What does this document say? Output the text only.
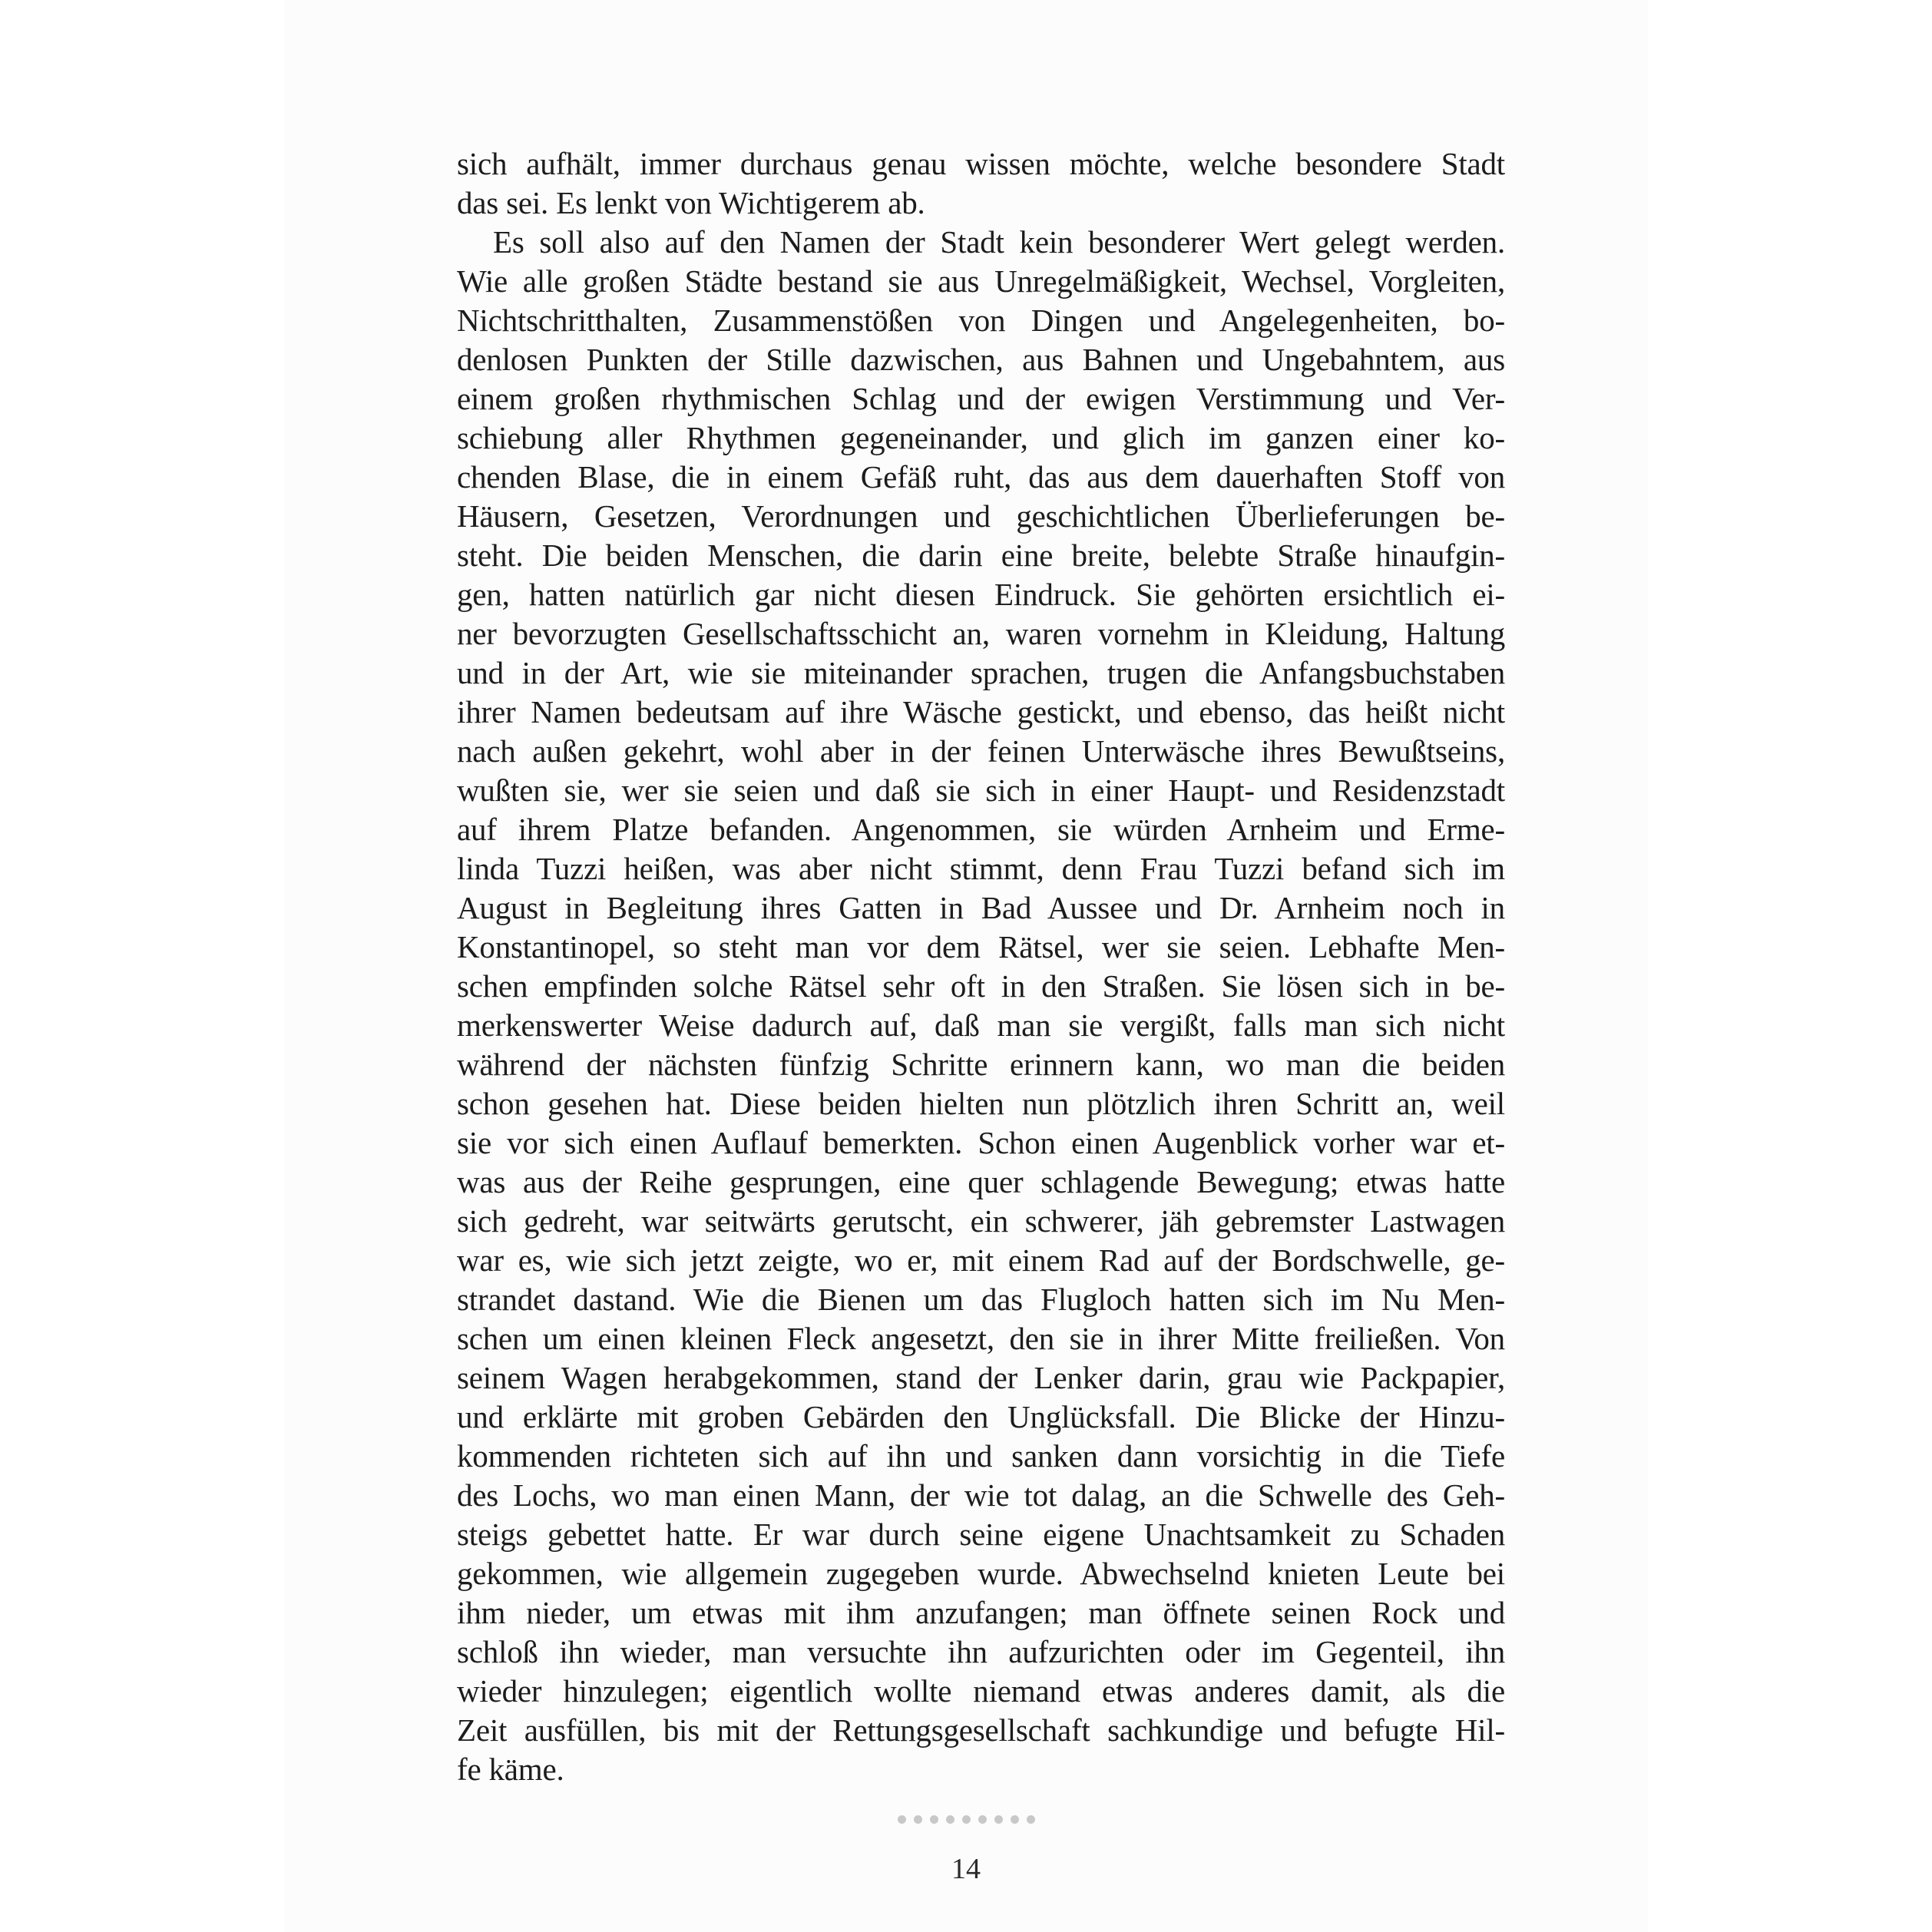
sich aufhält, immer durchaus genau wissen möchte, welche besondere Stadt
das sei. Es lenkt von Wichtigerem ab.
Es soll also auf den Namen der Stadt kein besonderer Wert gelegt werden.
Wie alle großen Städte bestand sie aus Unregelmäßigkeit, Wechsel, Vorgleiten,
Nichtschritthalten, Zusammenstößen von Dingen und Angelegenheiten, bo-
denlosen Punkten der Stille dazwischen, aus Bahnen und Ungebahntem, aus
einem großen rhythmischen Schlag und der ewigen Verstimmung und Ver-
schiebung aller Rhythmen gegeneinander, und glich im ganzen einer ko-
chenden Blase, die in einem Gefäß ruht, das aus dem dauerhaften Stoff von
Häusern, Gesetzen, Verordnungen und geschichtlichen Überlieferungen be-
steht. Die beiden Menschen, die darin eine breite, belebte Straße hinaufgin-
gen, hatten natürlich gar nicht diesen Eindruck. Sie gehörten ersichtlich ei-
ner bevorzugten Gesellschaftsschicht an, waren vornehm in Kleidung, Haltung
und in der Art, wie sie miteinander sprachen, trugen die Anfangsbuchstaben
ihrer Namen bedeutsam auf ihre Wäsche gestickt, und ebenso, das heißt nicht
nach außen gekehrt, wohl aber in der feinen Unterwäsche ihres Bewußtseins,
wußten sie, wer sie seien und daß sie sich in einer Haupt- und Residenzstadt
auf ihrem Platze befanden. Angenommen, sie würden Arnheim und Erme-
linda Tuzzi heißen, was aber nicht stimmt, denn Frau Tuzzi befand sich im
August in Begleitung ihres Gatten in Bad Aussee und Dr. Arnheim noch in
Konstantinopel, so steht man vor dem Rätsel, wer sie seien. Lebhafte Men-
schen empfinden solche Rätsel sehr oft in den Straßen. Sie lösen sich in be-
merkenswerter Weise dadurch auf, daß man sie vergißt, falls man sich nicht
während der nächsten fünfzig Schritte erinnern kann, wo man die beiden
schon gesehen hat. Diese beiden hielten nun plötzlich ihren Schritt an, weil
sie vor sich einen Auflauf bemerkten. Schon einen Augenblick vorher war et-
was aus der Reihe gesprungen, eine quer schlagende Bewegung; etwas hatte
sich gedreht, war seitwärts gerutscht, ein schwerer, jäh gebremster Lastwagen
war es, wie sich jetzt zeigte, wo er, mit einem Rad auf der Bordschwelle, ge-
strandet dastand. Wie die Bienen um das Flugloch hatten sich im Nu Men-
schen um einen kleinen Fleck angesetzt, den sie in ihrer Mitte freiließen. Von
seinem Wagen herabgekommen, stand der Lenker darin, grau wie Packpapier,
und erklärte mit groben Gebärden den Unglücksfall. Die Blicke der Hinzu-
kommenden richteten sich auf ihn und sanken dann vorsichtig in die Tiefe
des Lochs, wo man einen Mann, der wie tot dalag, an die Schwelle des Geh-
steigs gebettet hatte. Er war durch seine eigene Unachtsamkeit zu Schaden
gekommen, wie allgemein zugegeben wurde. Abwechselnd knieten Leute bei
ihm nieder, um etwas mit ihm anzufangen; man öffnete seinen Rock und
schloß ihn wieder, man versuchte ihn aufzurichten oder im Gegenteil, ihn
wieder hinzulegen; eigentlich wollte niemand etwas anderes damit, als die
Zeit ausfüllen, bis mit der Rettungsgesellschaft sachkundige und befugte Hil-
fe käme.
14
